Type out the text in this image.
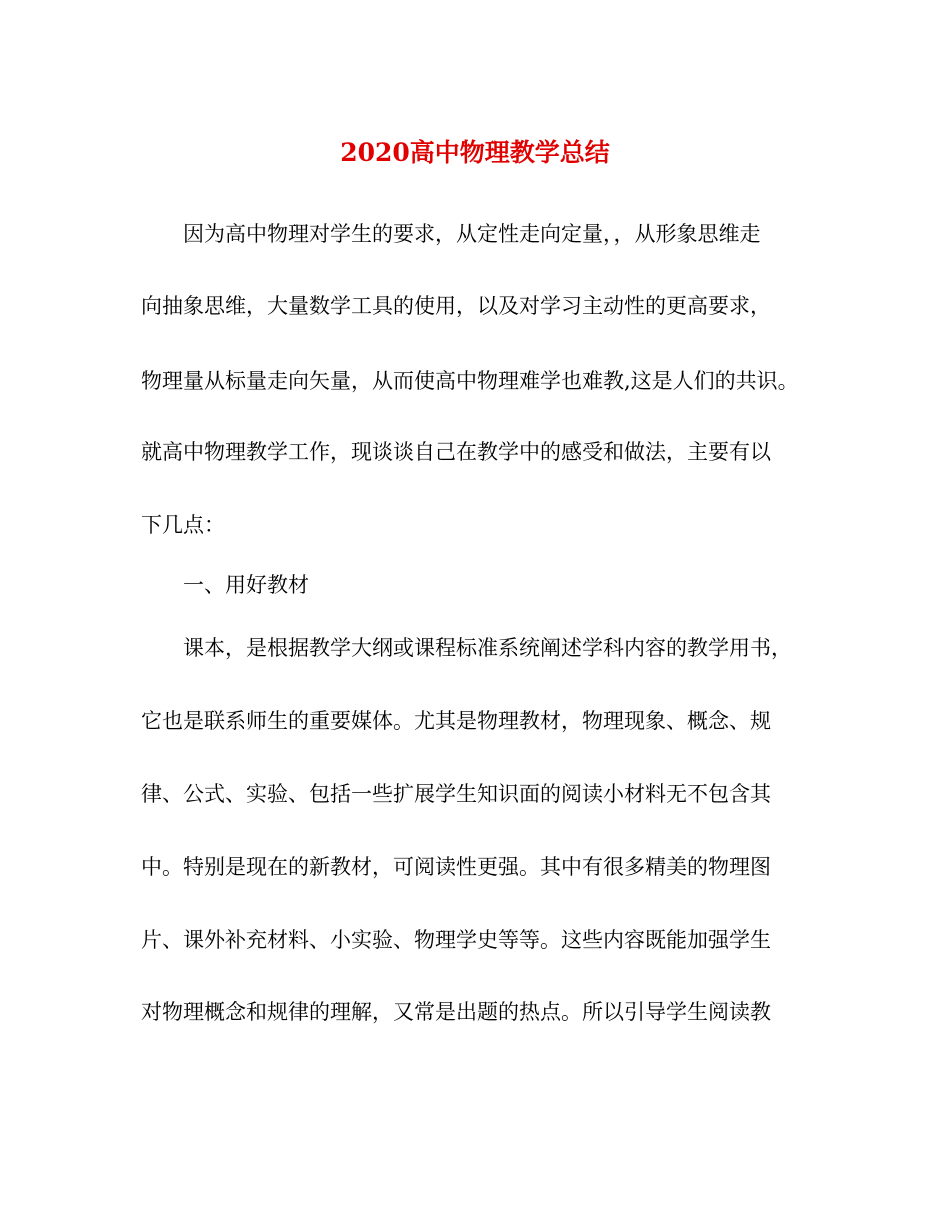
2020高中物理教学总结
因为高中物理对学生的要求，从定性走向定量，，从形象思维走
向抽象思维，大量数学工具的使用，以及对学习主动性的更高要求，
物理量从标量走向矢量，从而使高中物理难学也难教,这是人们的共识。
就高中物理教学工作，现谈谈自己在教学中的感受和做法，主要有以
下几点：
一、用好教材
课本，是根据教学大纲或课程标准系统阐述学科内容的教学用书，
它也是联系师生的重要媒体。尤其是物理教材，物理现象、概念、规
律、公式、实验、包括一些扩展学生知识面的阅读小材料无不包含其
中。特别是现在的新教材，可阅读性更强。其中有很多精美的物理图
片、课外补充材料、小实验、物理学史等等。这些内容既能加强学生
对物理概念和规律的理解，又常是出题的热点。所以引导学生阅读教
